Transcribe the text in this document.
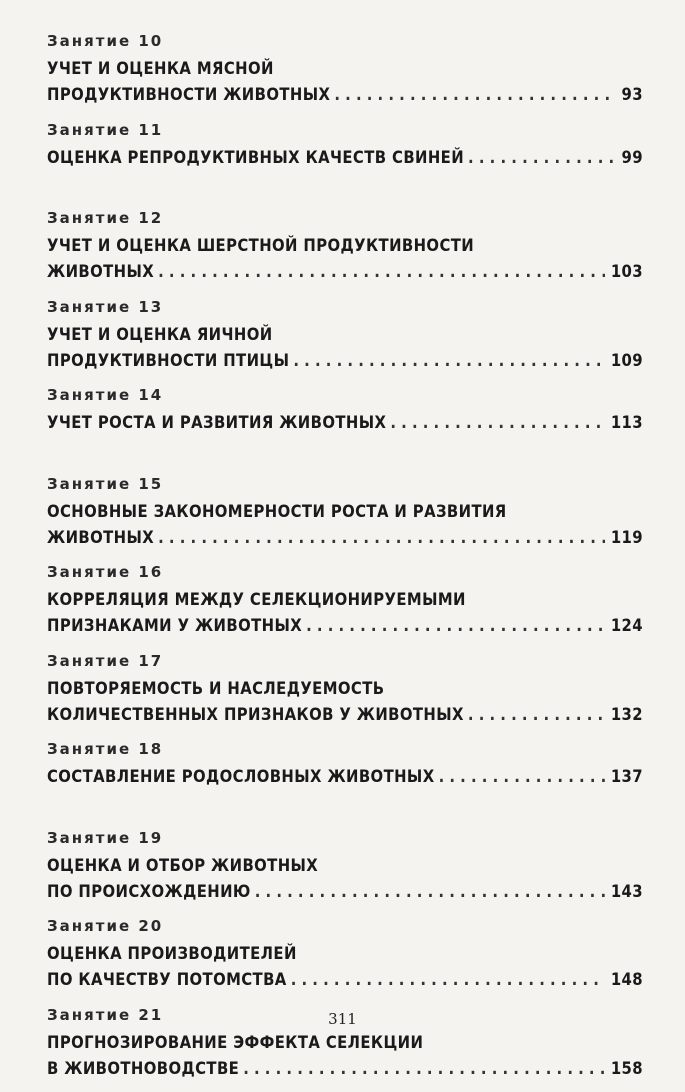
Занятие 10
УЧЕТ И ОЦЕНКА МЯСНОЙ
ПРОДУКТИВНОСТИ ЖИВОТНЫХ . . .	93
Занятие 11
ОЦЕНКА РЕПРОДУКТИВНЫХ КАЧЕСТВ СВИНЕЙ . . .	99
Занятие 12
УЧЕТ И ОЦЕНКА ШЕРСТНОЙ ПРОДУКТИВНОСТИ
ЖИВОТНЫХ . . .	103
Занятие 13
УЧЕТ И ОЦЕНКА ЯИЧНОЙ
ПРОДУКТИВНОСТИ ПТИЦЫ . . .	109
Занятие 14
УЧЕТ РОСТА И РАЗВИТИЯ ЖИВОТНЫХ . . .	113
Занятие 15
ОСНОВНЫЕ ЗАКОНОМЕРНОСТИ РОСТА И РАЗВИТИЯ
ЖИВОТНЫХ . . .	119
Занятие 16
КОРРЕЛЯЦИЯ МЕЖДУ СЕЛЕКЦИОНИРУЕМЫМИ
ПРИЗНАКАМИ У ЖИВОТНЫХ . . .	124
Занятие 17
ПОВТОРЯЕМОСТЬ И НАСЛЕДУЕМОСТЬ
КОЛИЧЕСТВЕННЫХ ПРИЗНАКОВ У ЖИВОТНЫХ . . .	132
Занятие 18
СОСТАВЛЕНИЕ РОДОСЛОВНЫХ ЖИВОТНЫХ . . .	137
Занятие 19
ОЦЕНКА И ОТБОР ЖИВОТНЫХ
ПО ПРОИСХОЖДЕНИЮ . . .	143
Занятие 20
ОЦЕНКА ПРОИЗВОДИТЕЛЕЙ
ПО КАЧЕСТВУ ПОТОМСТВА . . .	148
Занятие 21
ПРОГНОЗИРОВАНИЕ ЭФФЕКТА СЕЛЕКЦИИ
В ЖИВОТНОВОДСТВЕ . . .	158
311
